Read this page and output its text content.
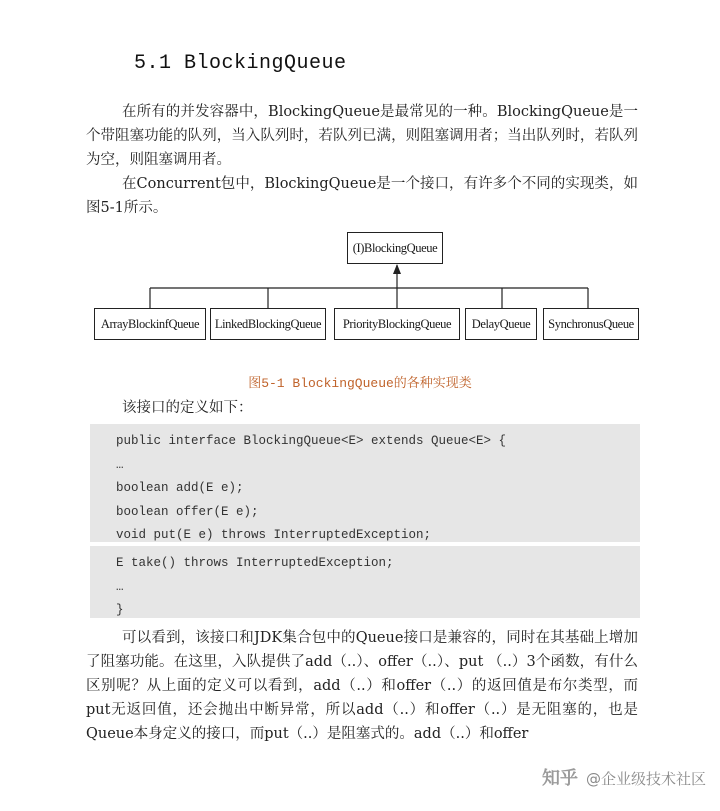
5.1 BlockingQueue

在所有的并发容器中，BlockingQueue是最常见的一种。BlockingQueue是一个带阻塞功能的队列，当入队列时，若队列已满，则阻塞调用者；当出队列时，若队列为空，则阻塞调用者。

在Concurrent包中，BlockingQueue是一个接口，有许多个不同的实现类，如图5-1所示。

(I)BlockingQueue
ArrayBlockinfQueue	LinkedBlockingQueue	PriorityBlockingQueue	DelayQueue	SynchronusQueue
图5-1 BlockingQueue的各种实现类
该接口的定义如下：
public interface BlockingQueue<E> extends Queue<E> {
…
boolean add(E e);
boolean offer(E e);
void put(E e) throws InterruptedException;
E take() throws InterruptedException;
…
}

可以看到，该接口和JDK集合包中的Queue接口是兼容的，同时在其基础上增加了阻塞功能。在这里，入队提供了add（..）、offer（..）、put （..）3个函数，有什么区别呢？从上面的定义可以看到，add（..）和offer（..）的返回值是布尔类型，而put无返回值，还会抛出中断异常，所以add（..）和offer（..）是无阻塞的，也是Queue本身定义的接口，而put（..）是阻塞式的。add（..）和offer

知乎 @企业级技术社区
